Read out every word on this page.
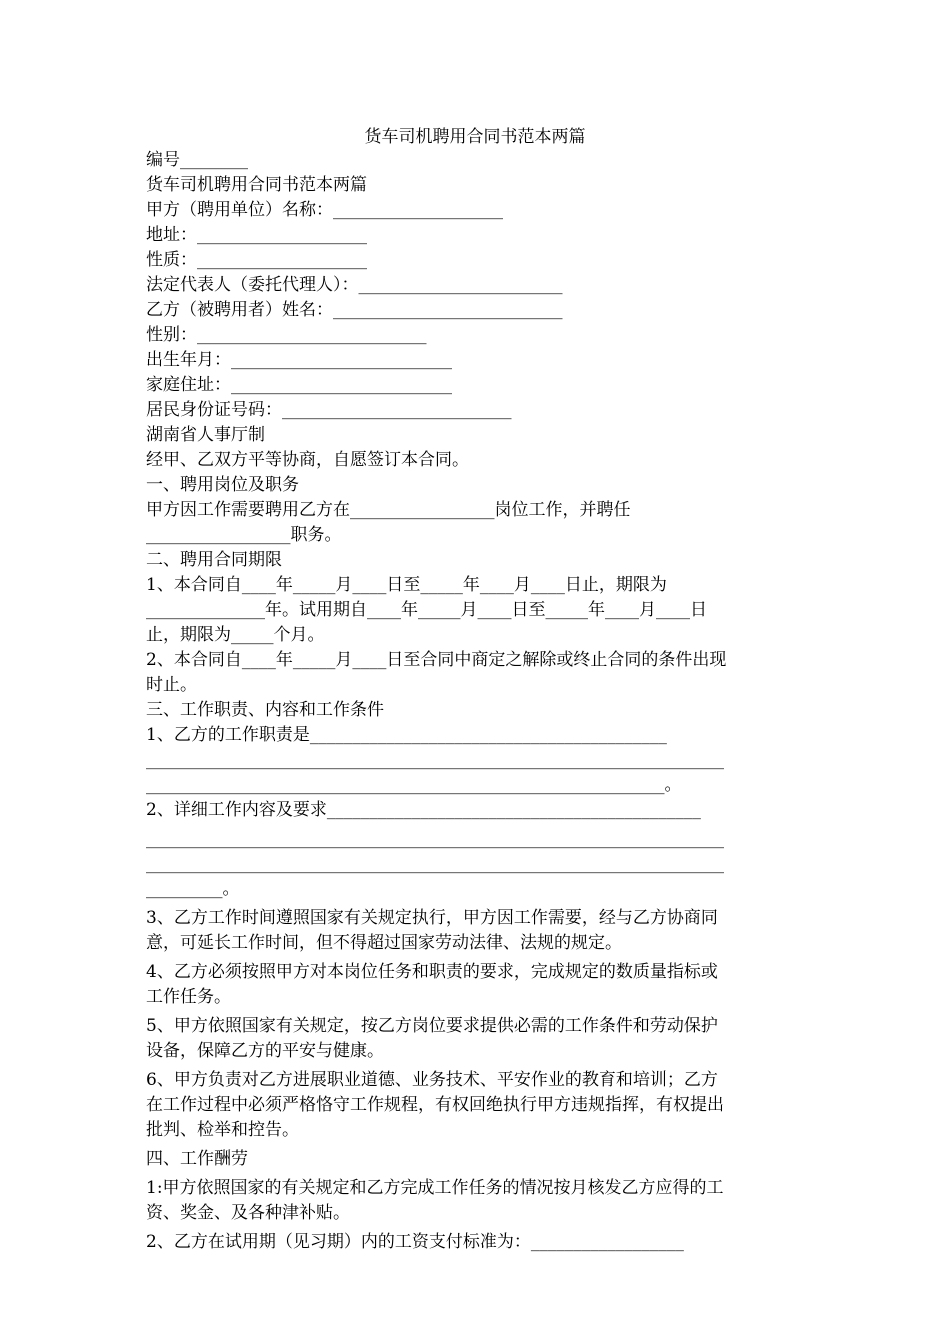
货车司机聘用合同书范本两篇
编号________
货车司机聘用合同书范本两篇
甲方（聘用单位）名称：____________________
地址：____________________
性质：____________________
法定代表人（委托代理人）：________________________
乙方（被聘用者）姓名：___________________________
性别：___________________________
出生年月：__________________________
家庭住址：__________________________
居民身份证号码：___________________________
湖南省人事厅制
经甲、乙双方平等协商，自愿签订本合同。
一、聘用岗位及职务
甲方因工作需要聘用乙方在_________________岗位工作，并聘任
_________________职务。
二、聘用合同期限
1、本合同自____年_____月____日至_____年____月____日止，期限为
______________年。试用期自____年_____月____日至_____年____月____日
止，期限为_____个月。
2、本合同自____年_____月____日至合同中商定之解除或终止合同的条件出现
时止。
三、工作职责、内容和工作条件
1、乙方的工作职责是__________________________________________
____________________________________________________________________
_____________________________________________________________。
2、详细工作内容及要求____________________________________________
____________________________________________________________________
____________________________________________________________________
_________。
3、乙方工作时间遵照国家有关规定执行，甲方因工作需要，经与乙方协商同
意，可延长工作时间，但不得超过国家劳动法律、法规的规定。
4、乙方必须按照甲方对本岗位任务和职责的要求，完成规定的数质量指标或
工作任务。
5、甲方依照国家有关规定，按乙方岗位要求提供必需的工作条件和劳动保护
设备，保障乙方的平安与健康。
6、甲方负责对乙方进展职业道德、业务技术、平安作业的教育和培训；乙方
在工作过程中必须严格恪守工作规程，有权回绝执行甲方违规指挥，有权提出
批判、检举和控告。
四、工作酬劳
1:甲方依照国家的有关规定和乙方完成工作任务的情况按月核发乙方应得的工
资、奖金、及各种津补贴。
2、乙方在试用期（见习期）内的工资支付标准为：__________________
